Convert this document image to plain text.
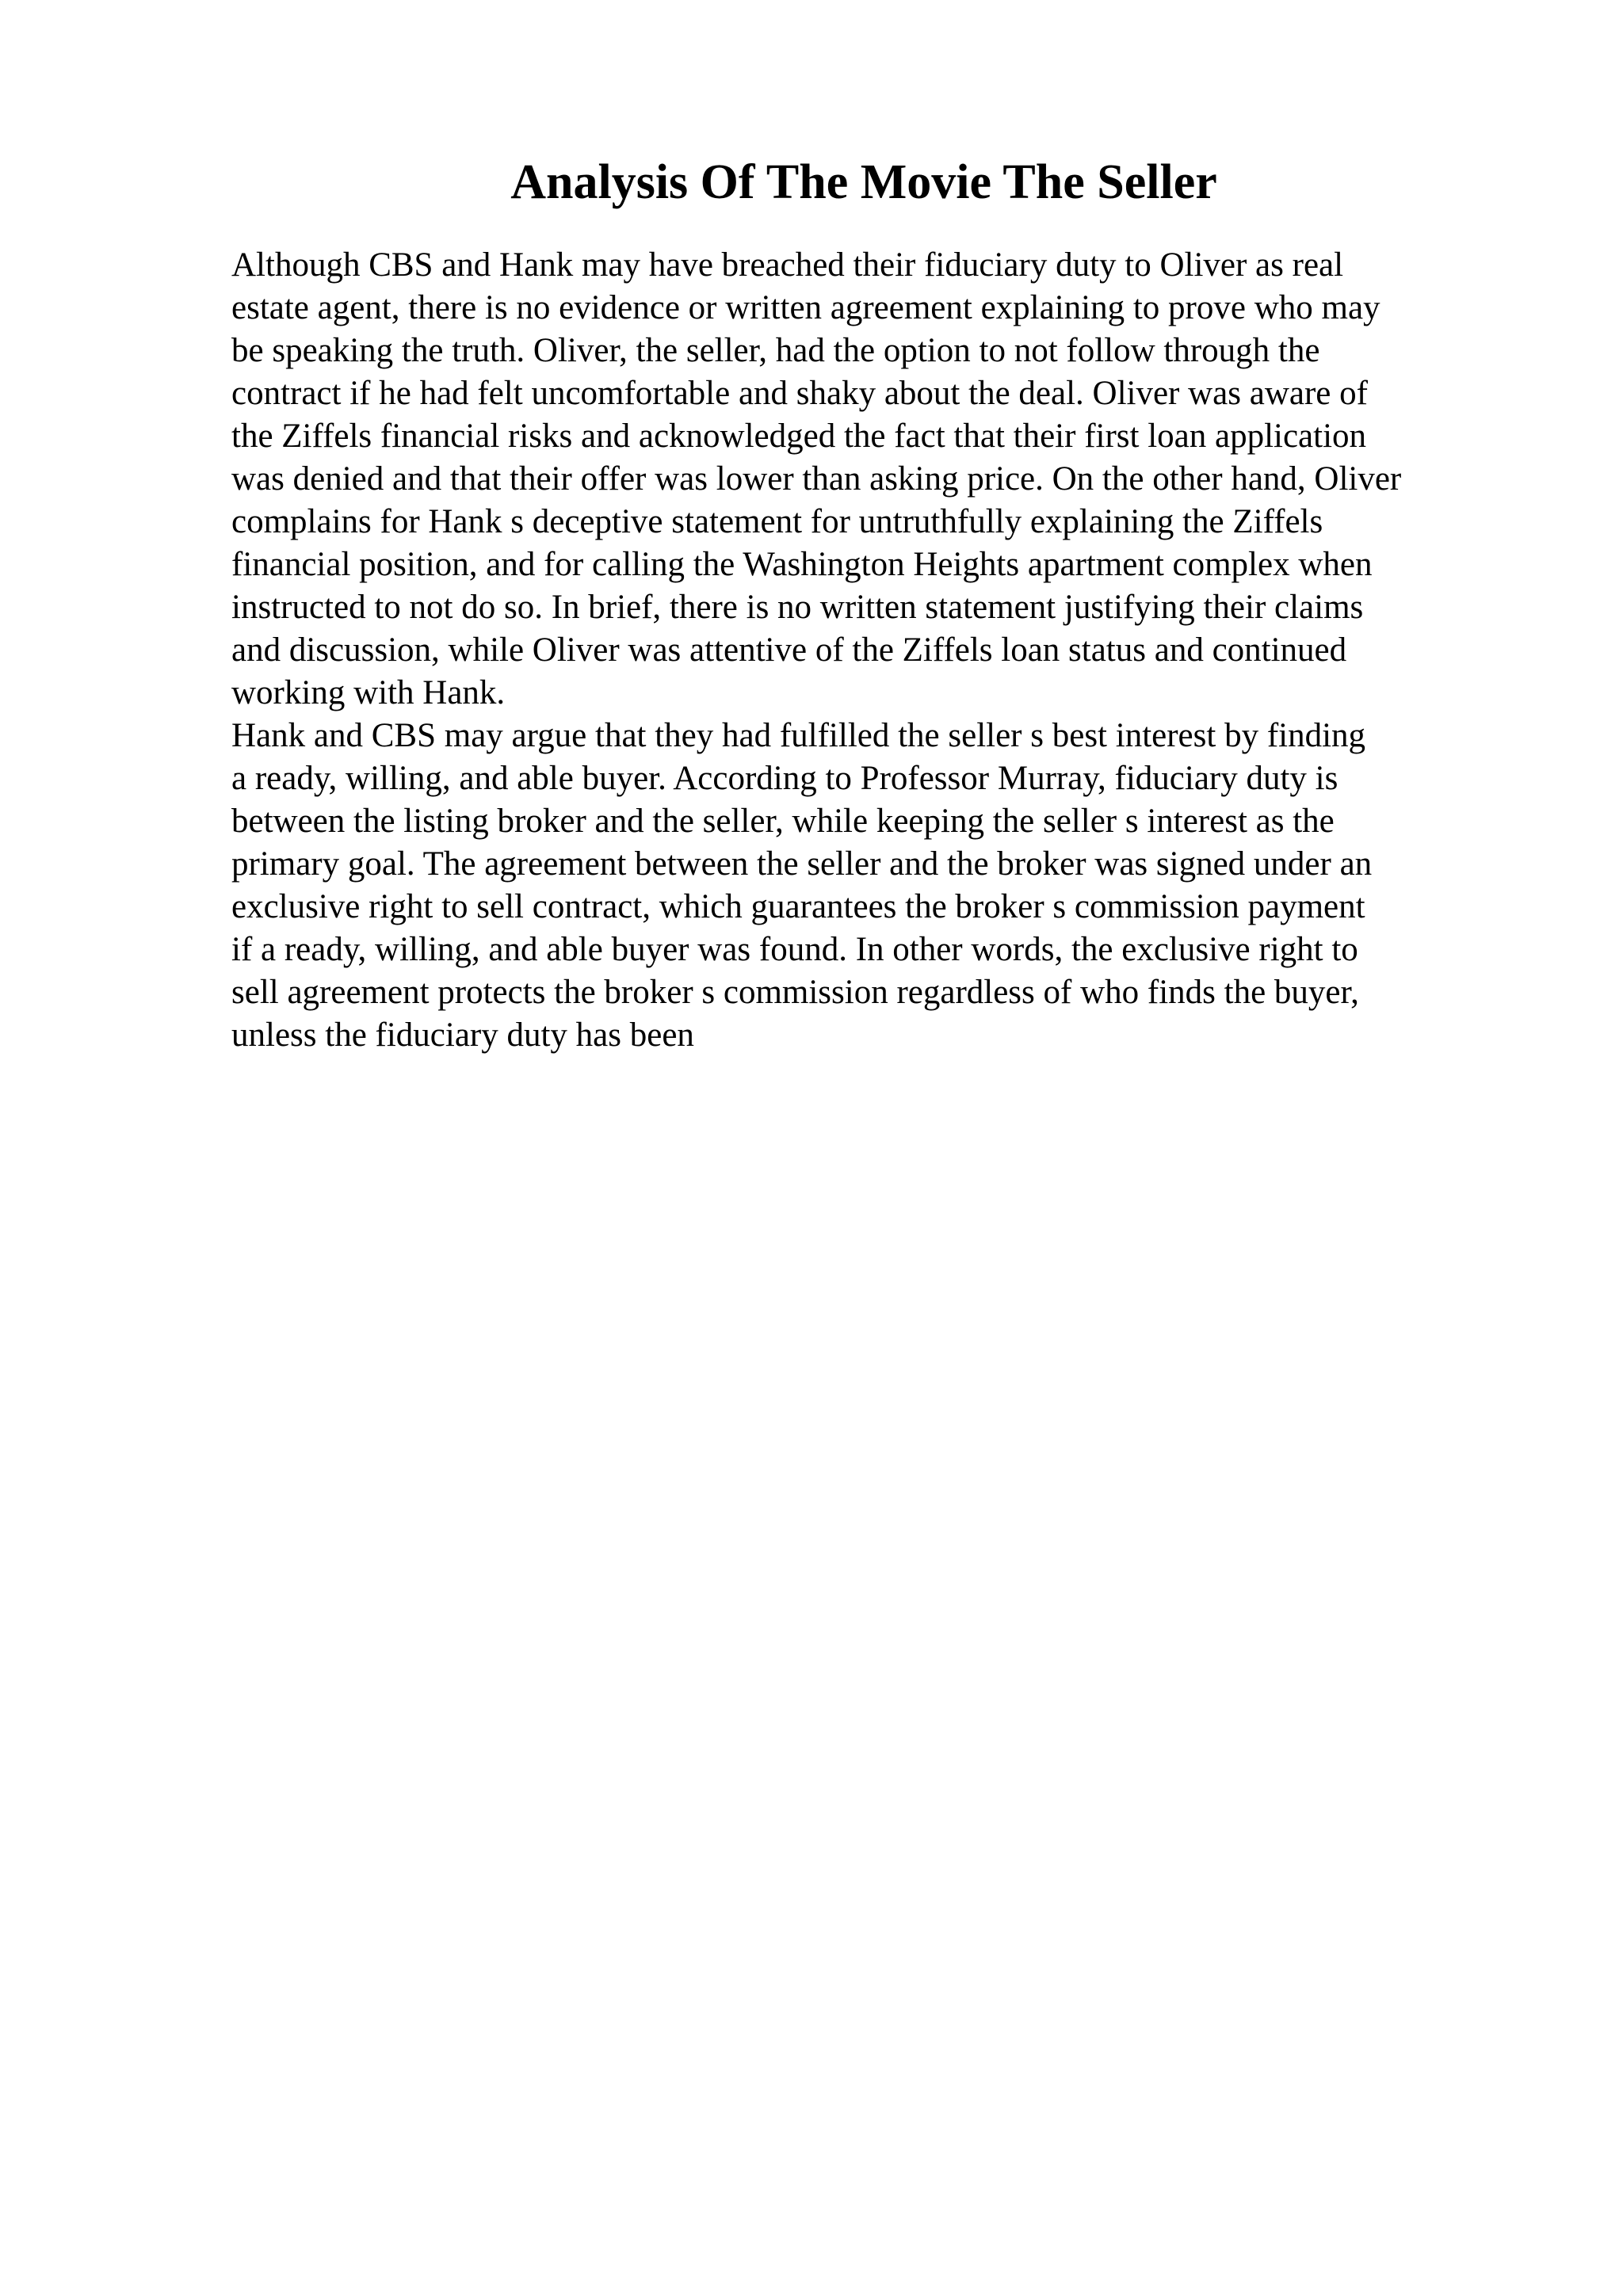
Analysis Of The Movie The Seller
Although CBS and Hank may have breached their fiduciary duty to Oliver as real
estate agent, there is no evidence or written agreement explaining to prove who may
be speaking the truth. Oliver, the seller, had the option to not follow through the
contract if he had felt uncomfortable and shaky about the deal. Oliver was aware of
the Ziffels financial risks and acknowledged the fact that their first loan application
was denied and that their offer was lower than asking price. On the other hand, Oliver
complains for Hank s deceptive statement for untruthfully explaining the Ziffels
financial position, and for calling the Washington Heights apartment complex when
instructed to not do so. In brief, there is no written statement justifying their claims
and discussion, while Oliver was attentive of the Ziffels loan status and continued
working with Hank.
Hank and CBS may argue that they had fulfilled the seller s best interest by finding
a ready, willing, and able buyer. According to Professor Murray, fiduciary duty is
between the listing broker and the seller, while keeping the seller s interest as the
primary goal. The agreement between the seller and the broker was signed under an
exclusive right to sell contract, which guarantees the broker s commission payment
if a ready, willing, and able buyer was found. In other words, the exclusive right to
sell agreement protects the broker s commission regardless of who finds the buyer,
unless the fiduciary duty has been
